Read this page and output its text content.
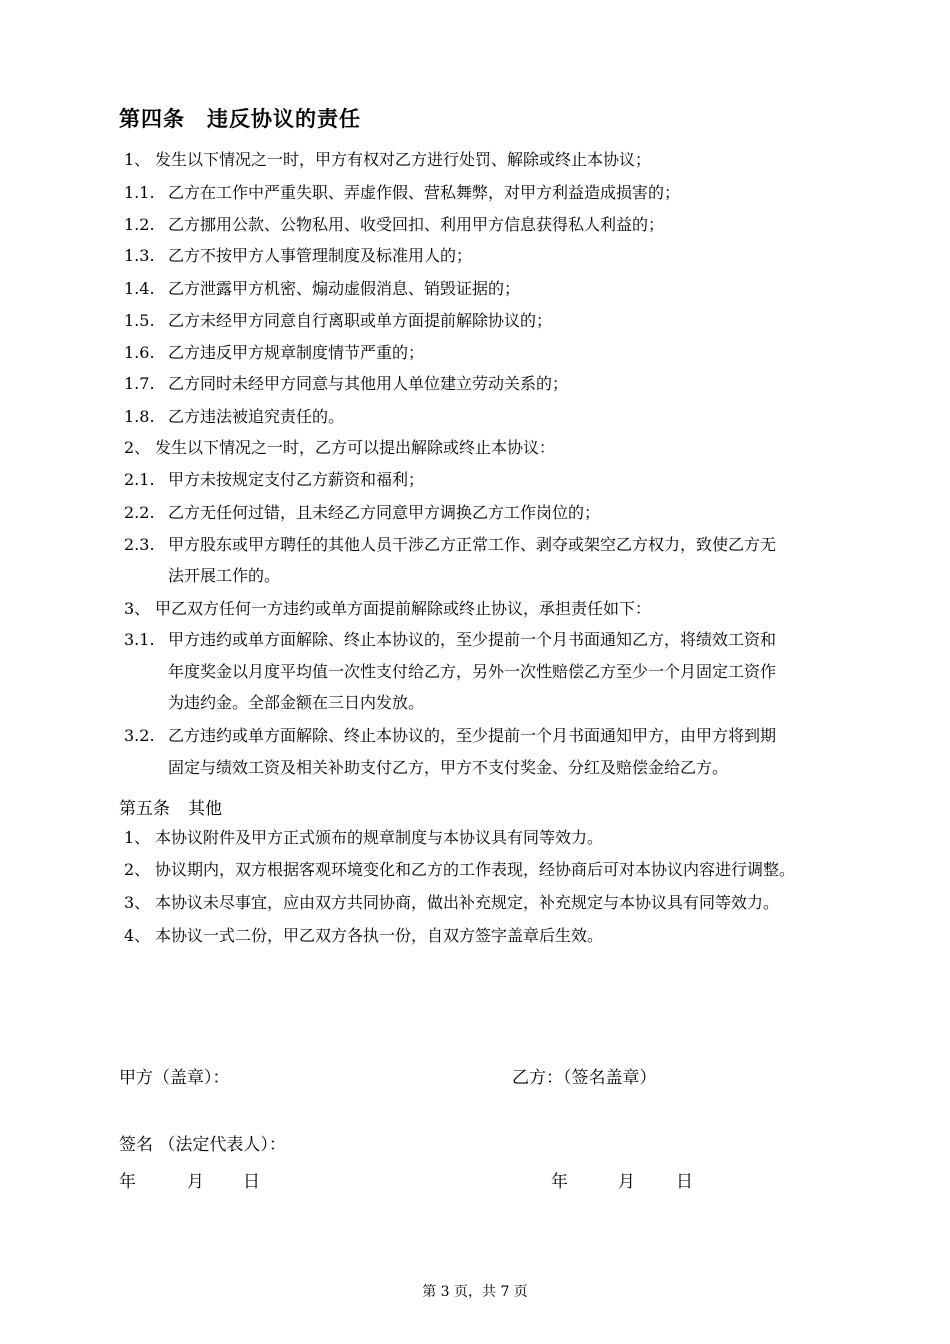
第四条 违反协议的责任
1、 发生以下情况之一时，甲方有权对乙方进行处罚、解除或终止本协议；
1.1. 乙方在工作中严重失职、弄虚作假、营私舞弊，对甲方利益造成损害的；
1.2. 乙方挪用公款、公物私用、收受回扣、利用甲方信息获得私人利益的；
1.3. 乙方不按甲方人事管理制度及标准用人的；
1.4. 乙方泄露甲方机密、煽动虚假消息、销毁证据的；
1.5. 乙方未经甲方同意自行离职或单方面提前解除协议的；
1.6. 乙方违反甲方规章制度情节严重的；
1.7. 乙方同时未经甲方同意与其他用人单位建立劳动关系的；
1.8. 乙方违法被追究责任的。
2、 发生以下情况之一时，乙方可以提出解除或终止本协议：
2.1. 甲方未按规定支付乙方薪资和福利；
2.2. 乙方无任何过错，且未经乙方同意甲方调换乙方工作岗位的；
2.3. 甲方股东或甲方聘任的其他人员干涉乙方正常工作、剥夺或架空乙方权力，致使乙方无
法开展工作的。
3、 甲乙双方任何一方违约或单方面提前解除或终止协议，承担责任如下：
3.1. 甲方违约或单方面解除、终止本协议的，至少提前一个月书面通知乙方，将绩效工资和
年度奖金以月度平均值一次性支付给乙方，另外一次性赔偿乙方至少一个月固定工资作
为违约金。全部金额在三日内发放。
3.2. 乙方违约或单方面解除、终止本协议的，至少提前一个月书面通知甲方，由甲方将到期
固定与绩效工资及相关补助支付乙方，甲方不支付奖金、分红及赔偿金给乙方。
第五条 其他
1、 本协议附件及甲方正式颁布的规章制度与本协议具有同等效力。
2、 协议期内，双方根据客观环境变化和乙方的工作表现，经协商后可对本协议内容进行调整。
3、 本协议未尽事宜，应由双方共同协商，做出补充规定，补充规定与本协议具有同等效力。
4、 本协议一式二份，甲乙双方各执一份，自双方签字盖章后生效。
甲方（盖章）：	乙方：（签名盖章）
签名 （法定代表人）：
年	月 日	年	月 日
第 3 页，共 7 页
